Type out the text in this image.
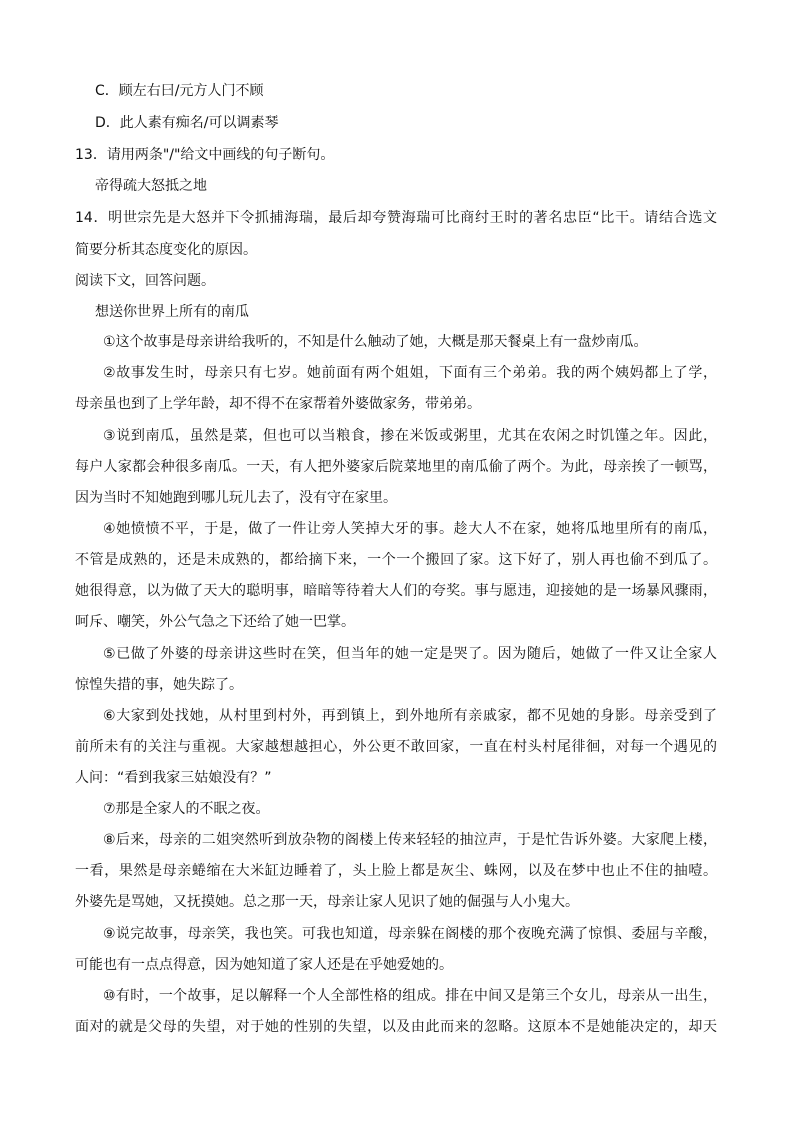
C．顾左右曰/元方人门不顾
D．此人素有痴名/可以调素琴
13．请用两条"/"给文中画线的句子断句。
帝得疏大怒抵之地
14．明世宗先是大怒并下令抓捕海瑞，最后却夸赞海瑞可比商纣王时的著名忠臣“比干。请结合选文
简要分析其态度变化的原因。
阅读下文，回答问题。
想送你世界上所有的南瓜
①这个故事是母亲讲给我听的，不知是什么触动了她，大概是那天餐桌上有一盘炒南瓜。
②故事发生时，母亲只有七岁。她前面有两个姐姐，下面有三个弟弟。我的两个姨妈都上了学，
母亲虽也到了上学年龄，却不得不在家帮着外婆做家务，带弟弟。
③说到南瓜，虽然是菜，但也可以当粮食，掺在米饭或粥里，尤其在农闲之时饥馑之年。因此，
每户人家都会种很多南瓜。一天，有人把外婆家后院菜地里的南瓜偷了两个。为此，母亲挨了一顿骂，
因为当时不知她跑到哪儿玩儿去了，没有守在家里。
④她愤愤不平，于是，做了一件让旁人笑掉大牙的事。趁大人不在家，她将瓜地里所有的南瓜，
不管是成熟的，还是未成熟的，都给摘下来，一个一个搬回了家。这下好了，别人再也偷不到瓜了。
她很得意，以为做了天大的聪明事，暗暗等待着大人们的夸奖。事与愿违，迎接她的是一场暴风骤雨，
呵斥、嘲笑，外公气急之下还给了她一巴掌。
⑤已做了外婆的母亲讲这些时在笑，但当年的她一定是哭了。因为随后，她做了一件又让全家人
惊惶失措的事，她失踪了。
⑥大家到处找她，从村里到村外，再到镇上，到外地所有亲戚家，都不见她的身影。母亲受到了
前所未有的关注与重视。大家越想越担心，外公更不敢回家，一直在村头村尾徘徊，对每一个遇见的
人问：“看到我家三姑娘没有？”
⑦那是全家人的不眠之夜。
⑧后来，母亲的二姐突然听到放杂物的阁楼上传来轻轻的抽泣声，于是忙告诉外婆。大家爬上楼，
一看，果然是母亲蜷缩在大米缸边睡着了，头上脸上都是灰尘、蛛网，以及在梦中也止不住的抽噎。
外婆先是骂她，又抚摸她。总之那一天，母亲让家人见识了她的倔强与人小鬼大。
⑨说完故事，母亲笑，我也笑。可我也知道，母亲躲在阁楼的那个夜晚充满了惊惧、委屈与辛酸，
可能也有一点点得意，因为她知道了家人还是在乎她爱她的。
⑩有时，一个故事，足以解释一个人全部性格的组成。排在中间又是第三个女儿，母亲从一出生，
面对的就是父母的失望，对于她的性别的失望，以及由此而来的忽略。这原本不是她能决定的，却天
